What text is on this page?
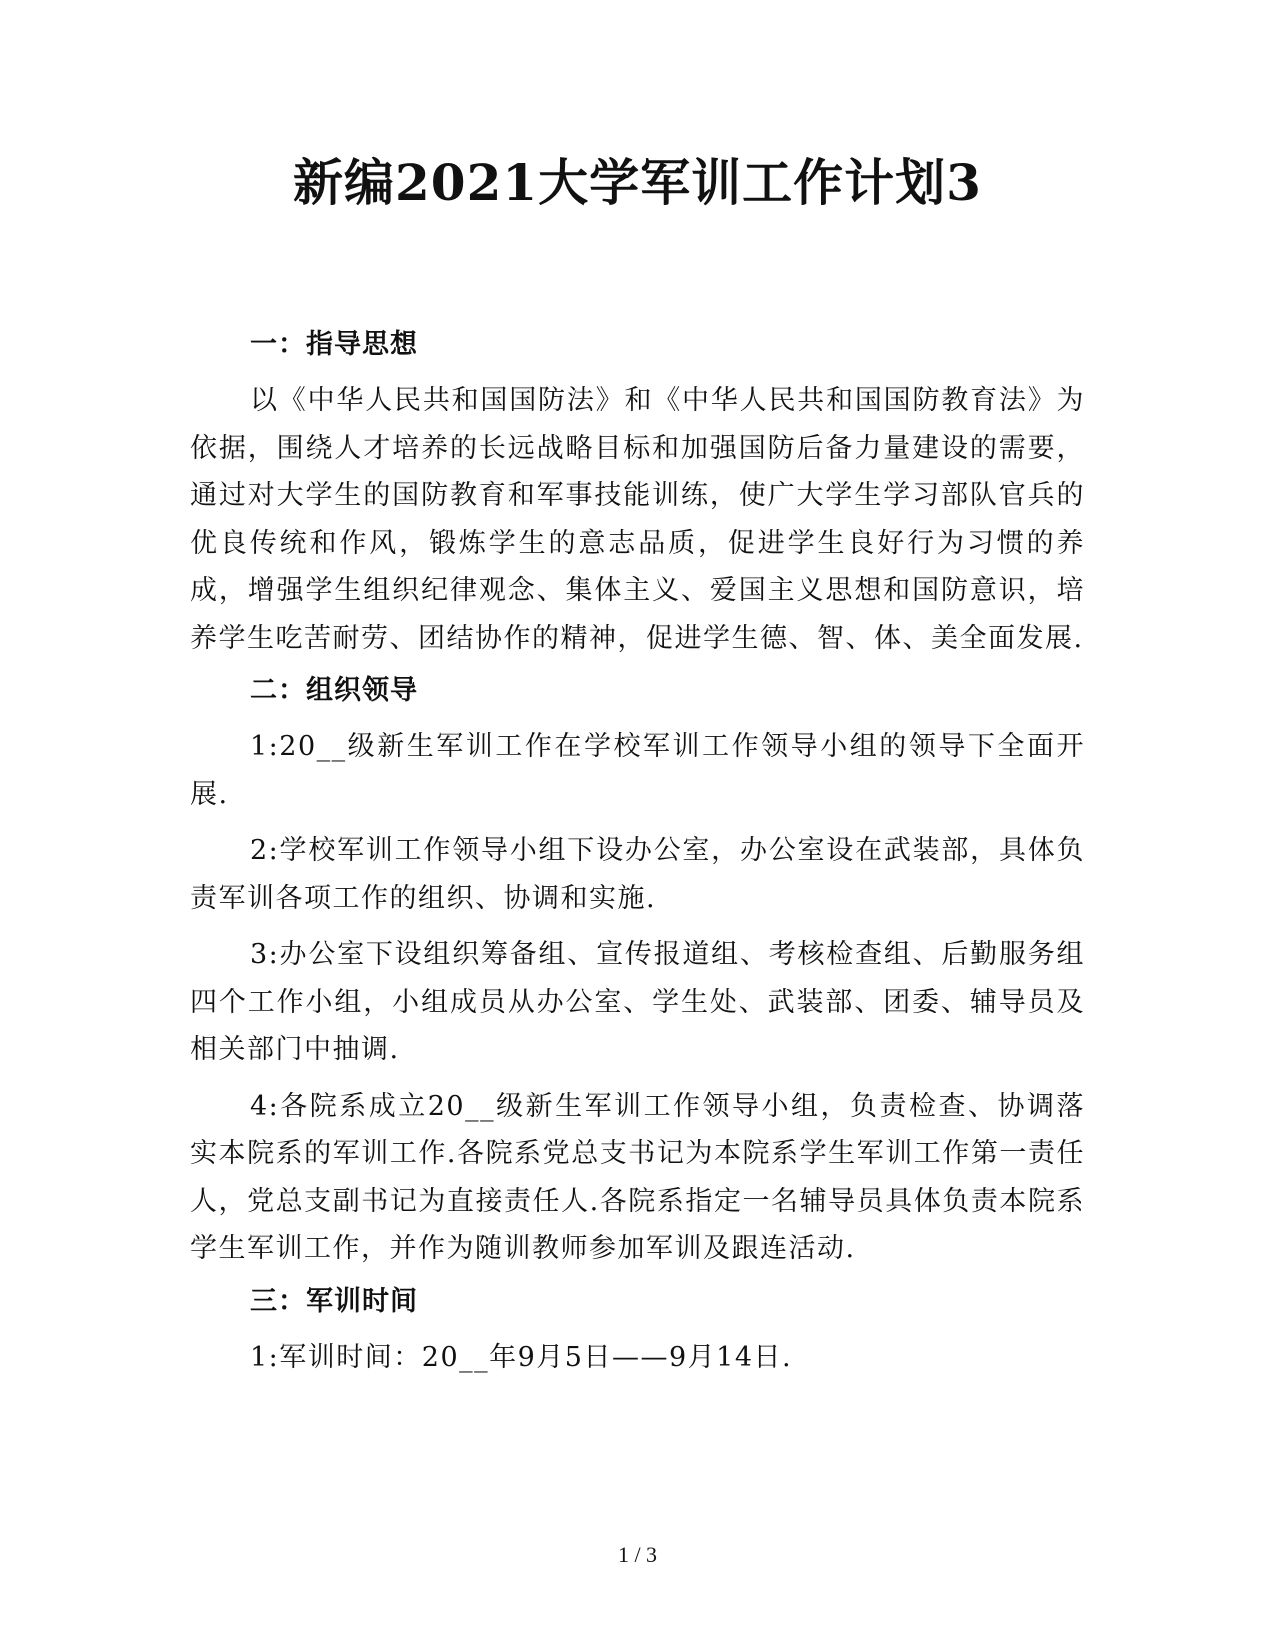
新编2021大学军训工作计划3
一：指导思想

以《中华人民共和国国防法》和《中华人民共和国国防教育法》为依据，围绕人才培养的长远战略目标和加强国防后备力量建设的需要，通过对大学生的国防教育和军事技能训练，使广大学生学习部队官兵的优良传统和作风，锻炼学生的意志品质，促进学生良好行为习惯的养成，增强学生组织纪律观念、集体主义、爱国主义思想和国防意识，培养学生吃苦耐劳、团结协作的精神，促进学生德、智、体、美全面发展.

二：组织领导

1:20__级新生军训工作在学校军训工作领导小组的领导下全面开展.

2:学校军训工作领导小组下设办公室，办公室设在武装部，具体负责军训各项工作的组织、协调和实施.

3:办公室下设组织筹备组、宣传报道组、考核检查组、后勤服务组四个工作小组，小组成员从办公室、学生处、武装部、团委、辅导员及相关部门中抽调.

4:各院系成立20__级新生军训工作领导小组，负责检查、协调落实本院系的军训工作.各院系党总支书记为本院系学生军训工作第一责任人，党总支副书记为直接责任人.各院系指定一名辅导员具体负责本院系学生军训工作，并作为随训教师参加军训及跟连活动.

三：军训时间

1:军训时间：20__年9月5日——9月14日.

1 / 3
